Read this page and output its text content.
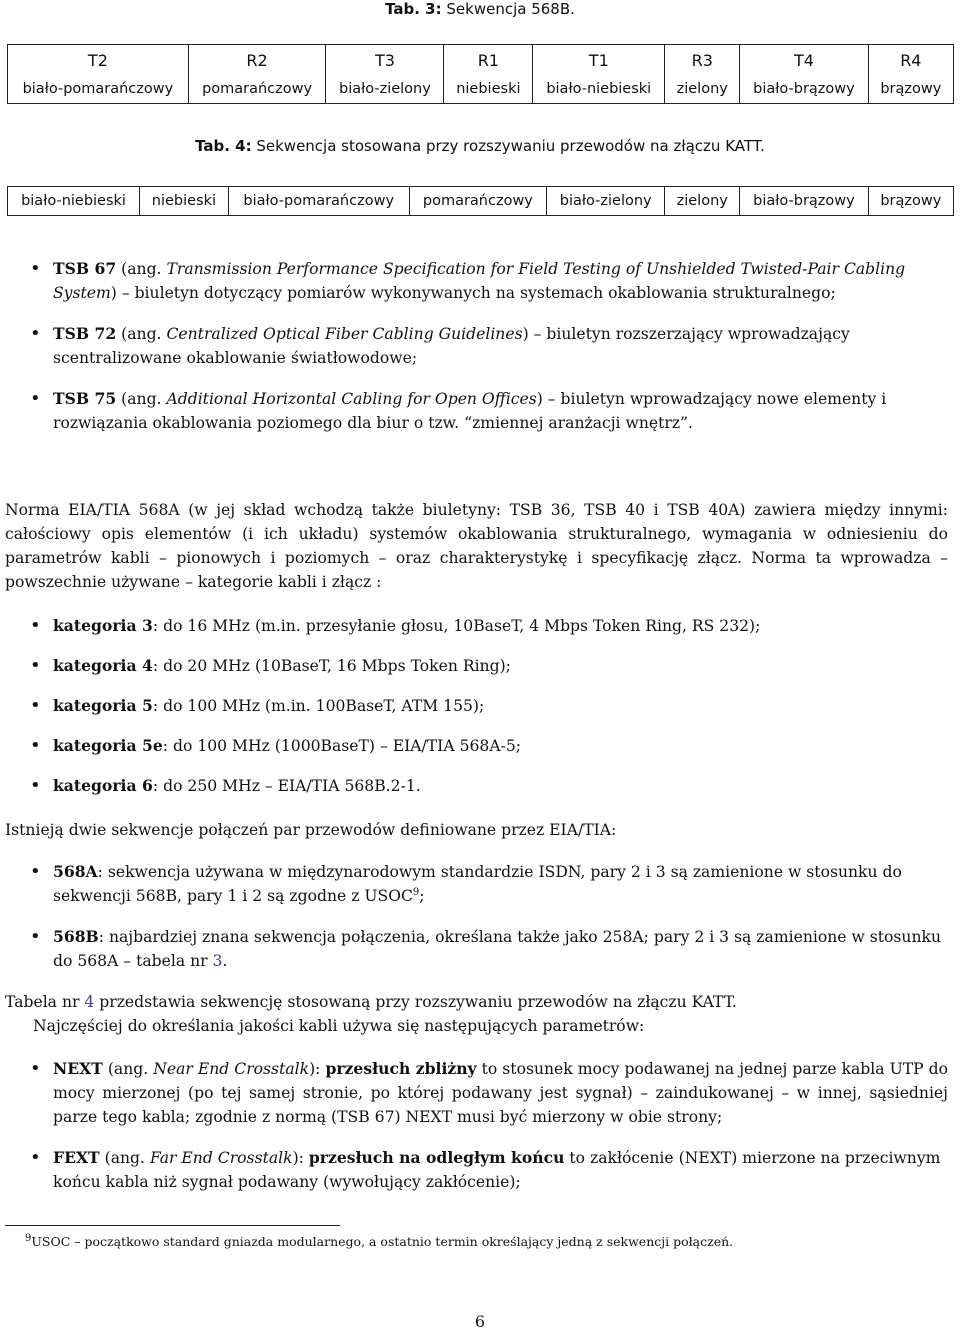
Tab. 3: Sekwencja 568B.
T2	R2	T3	R1	T1	R3	T4	R4
biało-pomarańczowy	pomarańczowy	biało-zielony	niebieski	biało-niebieski	zielony	biało-brązowy	brązowy
Tab. 4: Sekwencja stosowana przy rozszywaniu przewodów na złączu KATT.
biało-niebieski	niebieski	biało-pomarańczowy	pomarańczowy	biało-zielony	zielony	biało-brązowy	brązowy
• TSB 67 (ang. Transmission Performance Specification for Field Testing of Unshielded Twisted-Pair Cabling System) – biuletyn dotyczący pomiarów wykonywanych na systemach okablowania strukturalnego;
• TSB 72 (ang. Centralized Optical Fiber Cabling Guidelines) – biuletyn rozszerzający wprowadzający scentralizowane okablowanie światłowodowe;
• TSB 75 (ang. Additional Horizontal Cabling for Open Offices) – biuletyn wprowadzający nowe elementy i rozwiązania okablowania poziomego dla biur o tzw. “zmiennej aranżacji wnętrz”.
Norma EIA/TIA 568A (w jej skład wchodzą także biuletyny: TSB 36, TSB 40 i TSB 40A) zawiera między innymi: całościowy opis elementów (i ich układu) systemów okablowania strukturalnego, wymagania w odniesieniu do parametrów kabli – pionowych i poziomych – oraz charakterystykę i specyfikację złącz. Norma ta wprowadza – powszechnie używane – kategorie kabli i złącz :
• kategoria 3: do 16 MHz (m.in. przesyłanie głosu, 10BaseT, 4 Mbps Token Ring, RS 232);
• kategoria 4: do 20 MHz (10BaseT, 16 Mbps Token Ring);
• kategoria 5: do 100 MHz (m.in. 100BaseT, ATM 155);
• kategoria 5e: do 100 MHz (1000BaseT) – EIA/TIA 568A-5;
• kategoria 6: do 250 MHz – EIA/TIA 568B.2-1.
Istnieją dwie sekwencje połączeń par przewodów definiowane przez EIA/TIA:
• 568A: sekwencja używana w międzynarodowym standardzie ISDN, pary 2 i 3 są zamienione w stosunku do sekwencji 568B, pary 1 i 2 są zgodne z USOC$^9$;
• 568B: najbardziej znana sekwencja połączenia, określana także jako 258A; pary 2 i 3 są zamienione w stosunku do 568A – tabela nr 3.
Tabela nr 4 przedstawia sekwencję stosowaną przy rozszywaniu przewodów na złączu KATT.
Najczęściej do określania jakości kabli używa się następujących parametrów:
• NEXT (ang. Near End Crosstalk): przesłuch zbliżny to stosunek mocy podawanej na jednej parze kabla UTP do mocy mierzonej (po tej samej stronie, po której podawany jest sygnał) – zaindukowanej – w innej, sąsiedniej parze tego kabla; zgodnie z normą (TSB 67) NEXT musi być mierzony w obie strony;
• FEXT (ang. Far End Crosstalk): przesłuch na odległym końcu to zakłócenie (NEXT) mierzone na przeciwnym końcu kabla niż sygnał podawany (wywołujący zakłócenie);
$^9$USOC – początkowo standard gniazda modularnego, a ostatnio termin określający jedną z sekwencji połączeń.
6
